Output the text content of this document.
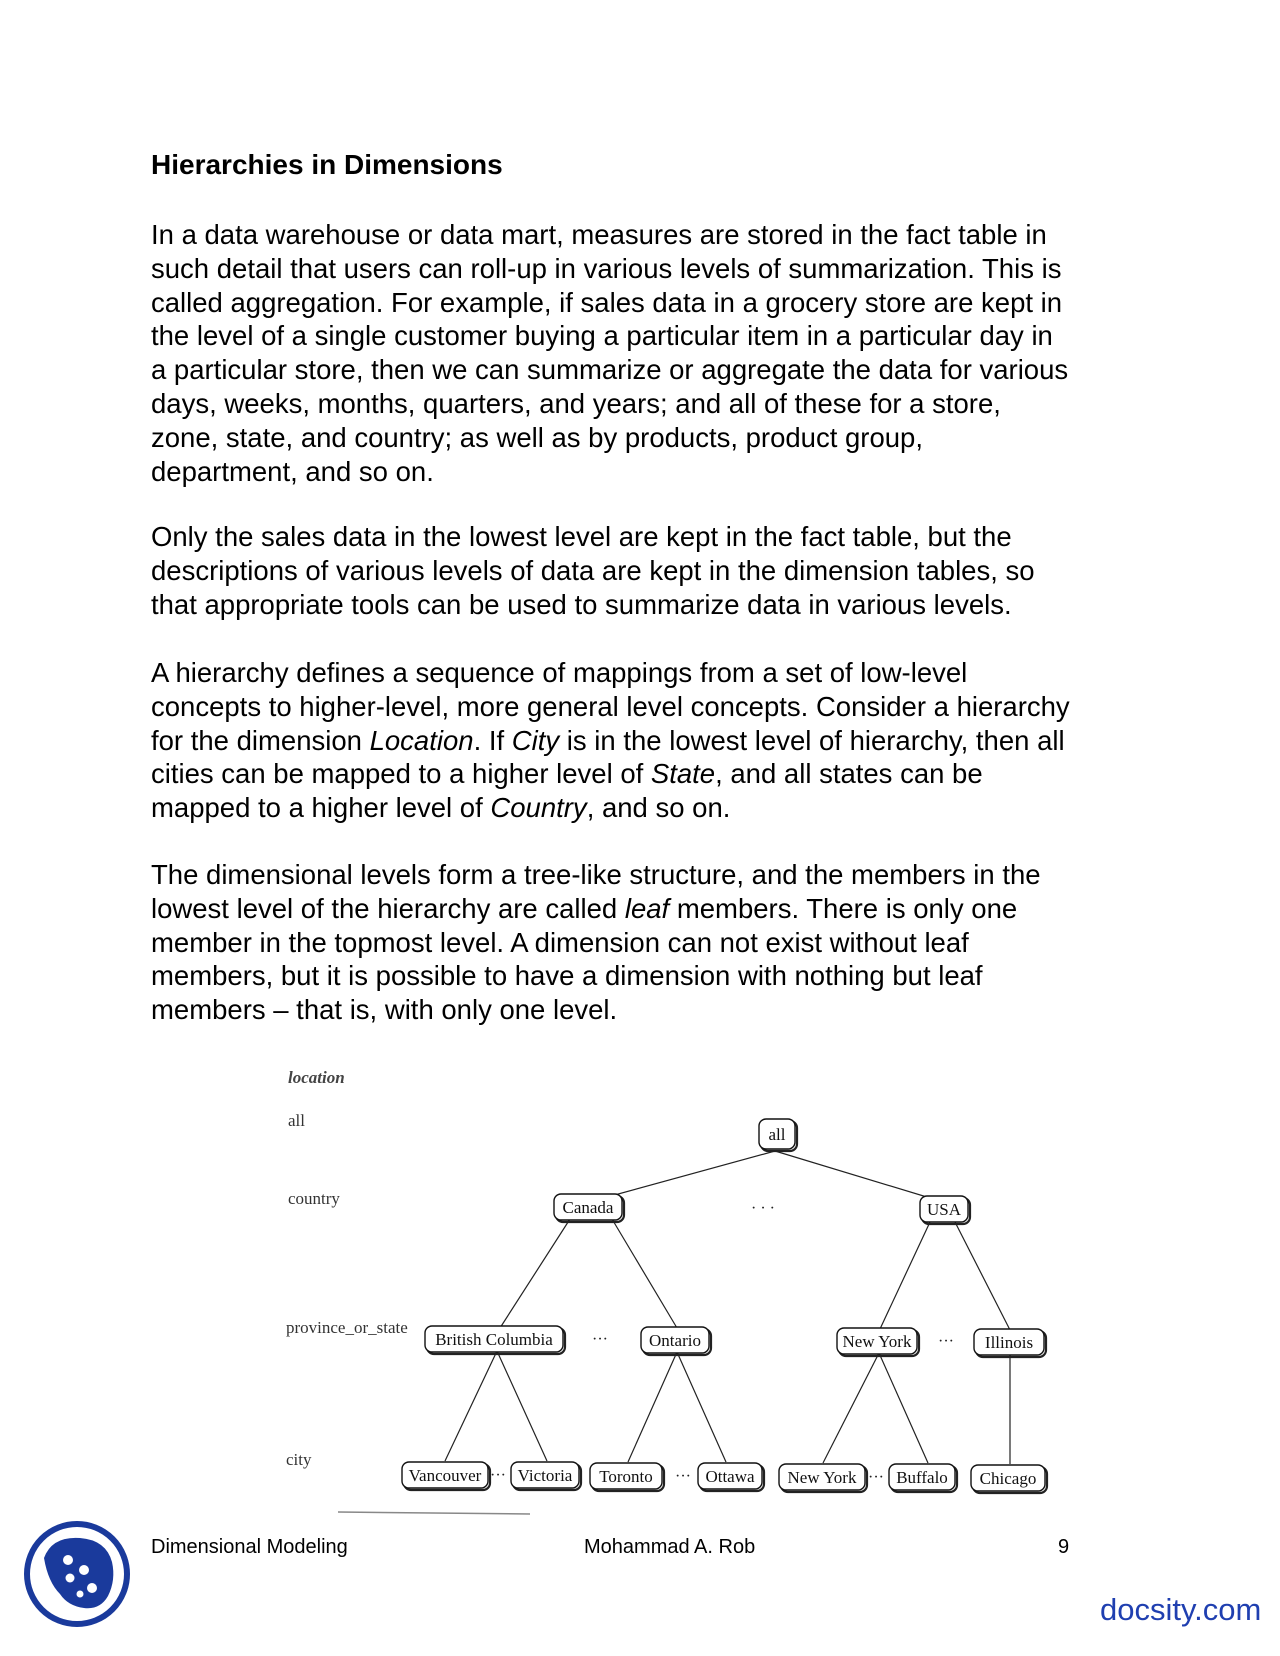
Hierarchies in Dimensions

In a data warehouse or data mart, measures are stored in the fact table in
such detail that users can roll-up in various levels of summarization. This is
called aggregation. For example, if sales data in a grocery store are kept in
the level of a single customer buying a particular item in a particular day in
a particular store, then we can summarize or aggregate the data for various
days, weeks, months, quarters, and years; and all of these for a store,
zone, state, and country; as well as by products, product group,
department, and so on.

Only the sales data in the lowest level are kept in the fact table, but the
descriptions of various levels of data are kept in the dimension tables, so
that appropriate tools can be used to summarize data in various levels.

A hierarchy defines a sequence of mappings from a set of low-level
concepts to higher-level, more general level concepts. Consider a hierarchy
for the dimension Location. If City is in the lowest level of hierarchy, then all
cities can be mapped to a higher level of State, and all states can be
mapped to a higher level of Country, and so on.

The dimensional levels form a tree-like structure, and the members in the
lowest level of the hierarchy are called leaf members. There is only one
member in the topmost level. A dimension can not exist without leaf
members, but it is possible to have a dimension with nothing but leaf
members – that is, with only one level.

location
all
country
province_or_state
city
all
Canada	· · ·	USA
British Columbia ··· Ontario	New York ··· Illinois
Vancouver ··· Victoria Toronto ··· Ottawa New York ··· Buffalo Chicago
Dimensional Modeling	Mohammad A. Rob	9
docsity.com
